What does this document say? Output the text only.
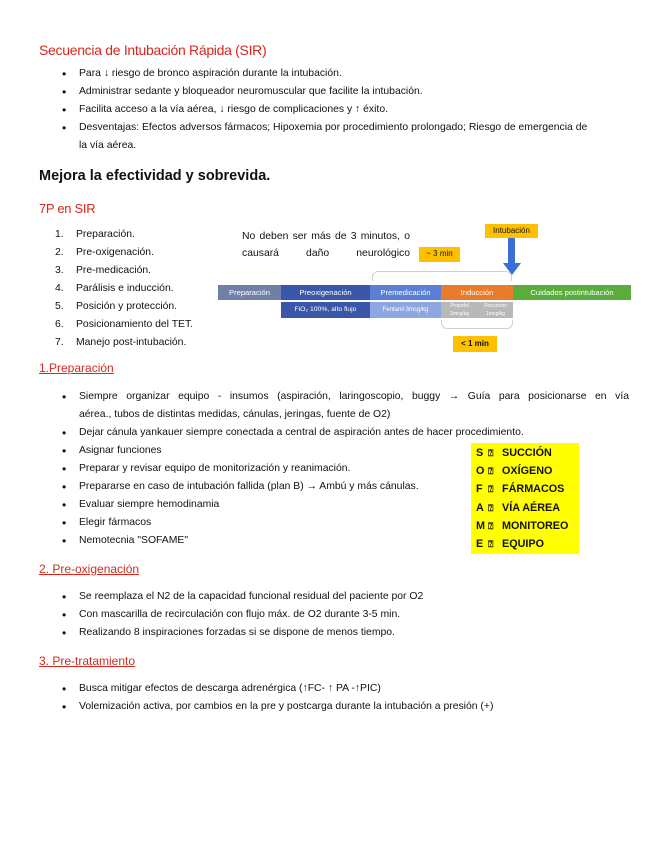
Secuencia de Intubación Rápida (SIR)
• Para ↓ riesgo de bronco aspiración durante la intubación.
• Administrar sedante y bloqueador neuromuscular que facilite la intubación.
• Facilita acceso a la vía aérea, ↓ riesgo de complicaciones y ↑ éxito.
• Desventajas: Efectos adversos fármacos; Hipoxemia por procedimiento prolongado; Riesgo de emergencia de
la vía aérea.
Mejora la efectividad y sobrevida.
7P en SIR
1. Preparación.
2. Pre-oxigenación.
3. Pre-medicación.
4. Parálisis e inducción.
5. Posición y protección.
6. Posicionamiento del TET.
7. Manejo post-intubación.
No deben ser más de 3 minutos, o causará daño neurológico
Intubación
~ 3 min
Preparación	Preoxigenación	Premedicación	Inducción	Cuidados postintubación
FiO₂ 100%, alto flujo	Fentanil 3mcg/kg
Propofol 2mcg/kg
Rocuronio 1mcg/kg
< 1 min
1.Preparación
• Siempre organizar equipo - insumos (aspiración, laringoscopio, buggy → Guía para posicionarse en vía
aérea., tubos de distintas medidas, cánulas, jeringas, fuente de O2)
• Dejar cánula yankauer siempre conectada a central de aspiración antes de hacer procedimiento.
• Asignar funciones
• Preparar y revisar equipo de monitorización y reanimación.
• Prepararse en caso de intubación fallida (plan B) → Ambú y más cánulas.
• Evaluar siempre hemodinamia
• Elegir fármacos
• Nemotecnia "SOFAME"
S ⍰ SUCCIÓN
O ⍰ OXÍGENO
F ⍰ FÁRMACOS
A ⍰ VÍA AÉREA
M ⍰ MONITOREO
E ⍰ EQUIPO
2. Pre-oxigenación
• Se reemplaza el N2 de la capacidad funcional residual del paciente por O2
• Con mascarilla de recirculación con flujo máx. de O2 durante 3-5 min.
• Realizando 8 inspiraciones forzadas si se dispone de menos tiempo.
3. Pre-tratamiento
• Busca mitigar efectos de descarga adrenérgica (↑FC- ↑ PA -↑PIC)
• Volemización activa, por cambios en la pre y postcarga durante la intubación a presión (+)
